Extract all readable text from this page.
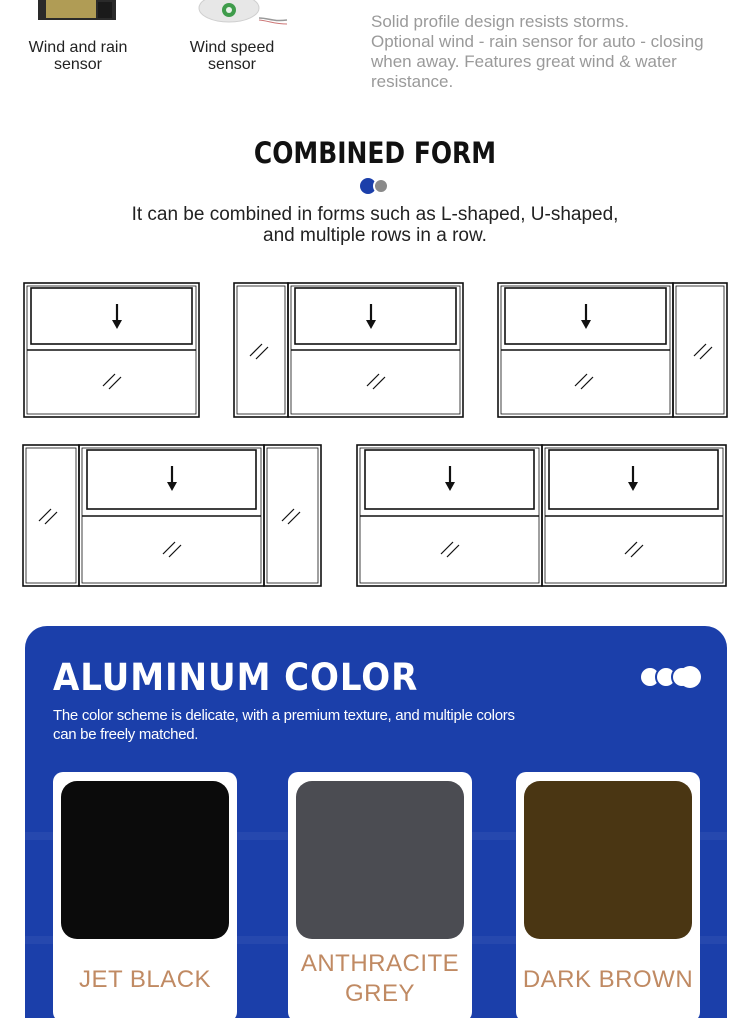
Wind and rain
sensor
Wind speed
sensor

Solid profile design resists storms.

Optional wind - rain sensor for auto - closing

when away. Features great wind & water

resistance.

COMBINED FORM
It can be combined in forms such as L-shaped, U-shaped,
and multiple rows in a row.
ALUMINUM COLOR
The color scheme is delicate, with a premium texture, and multiple colors
can be freely matched.
JET BLACK
ANTHRACITE
GREY
DARK BROWN
